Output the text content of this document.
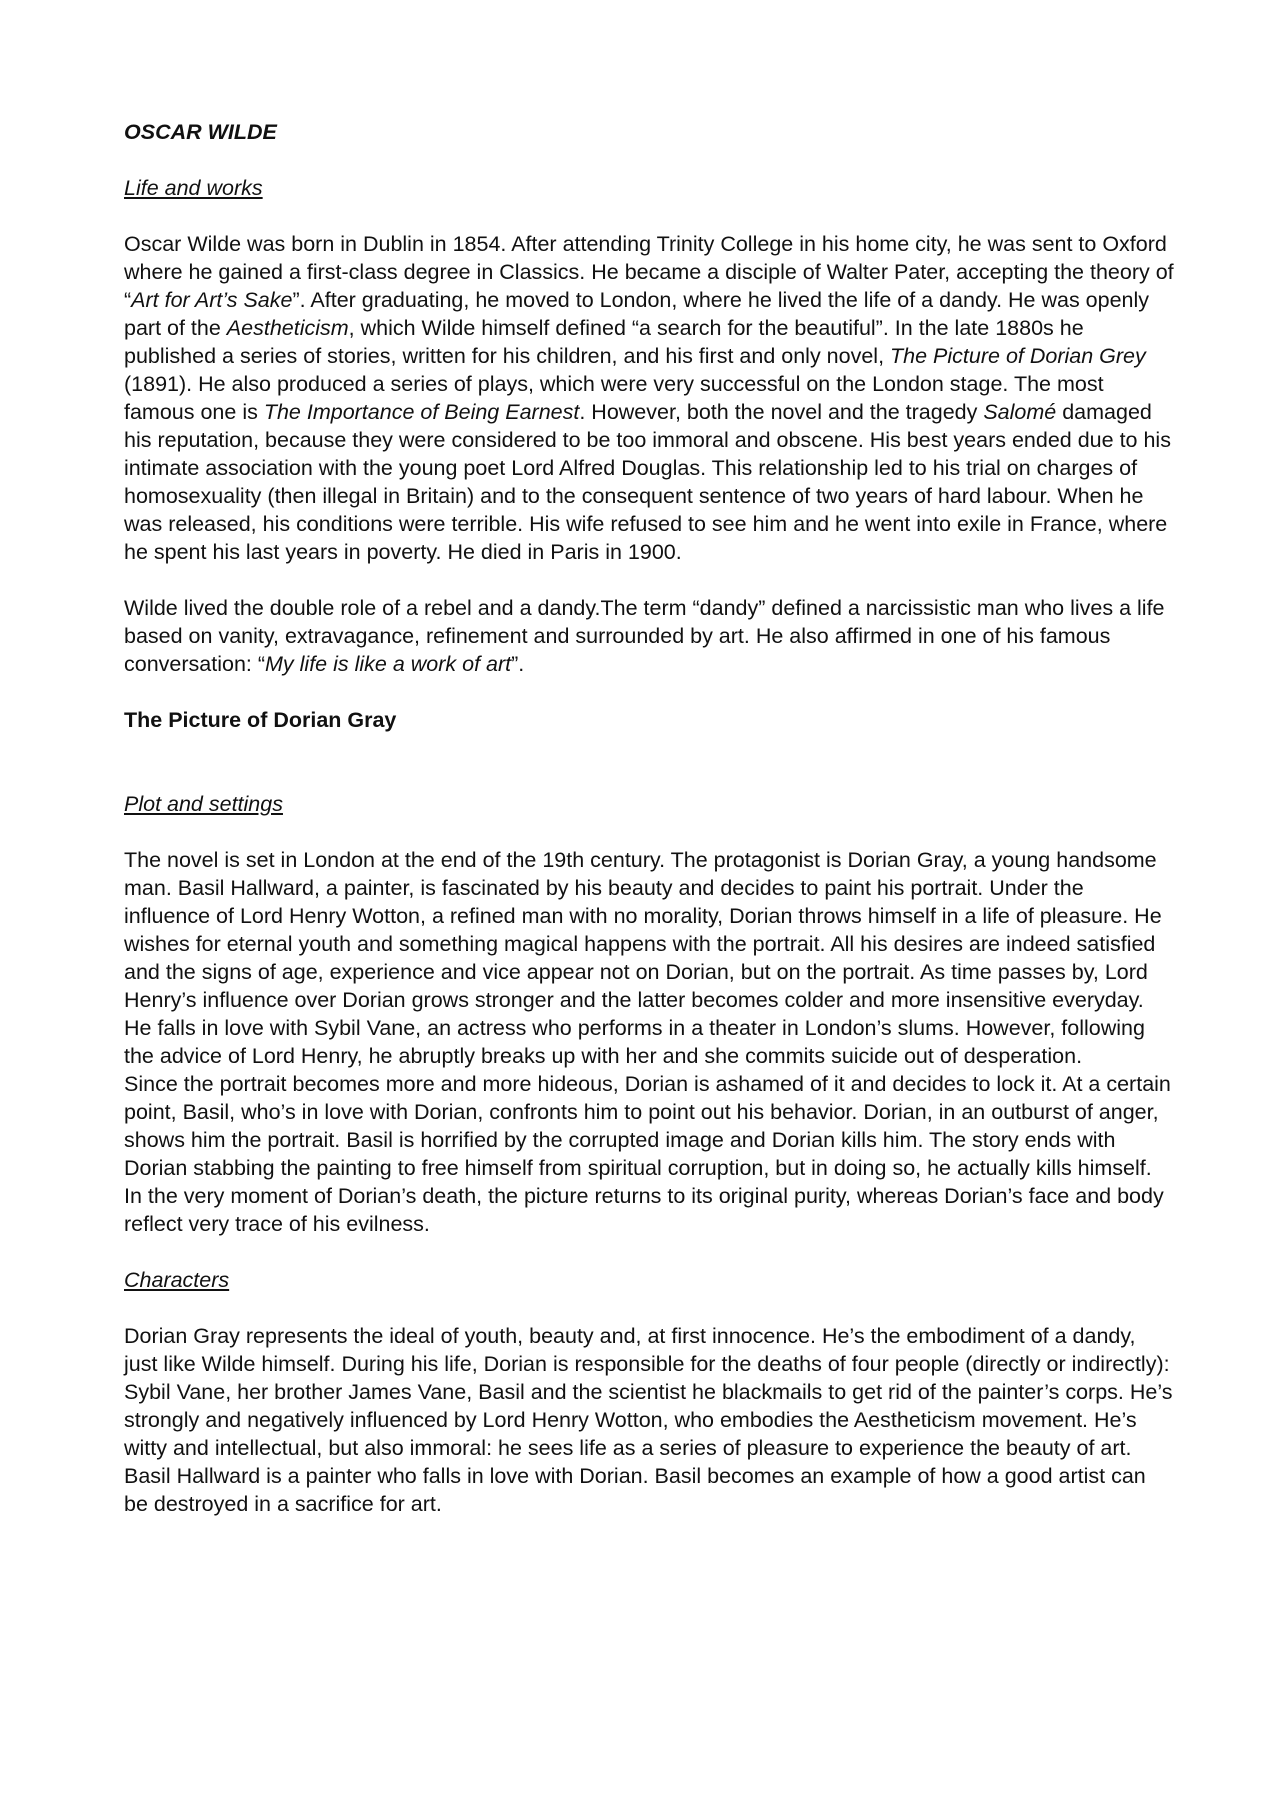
OSCAR WILDE
Life and works

Oscar Wilde was born in Dublin in 1854. After attending Trinity College in his home city, he was sent to Oxford where he gained a first-class degree in Classics. He became a disciple of Walter Pater, accepting the theory of “Art for Art’s Sake”. After graduating, he moved to London, where he lived the life of a dandy. He was openly part of the Aestheticism, which Wilde himself defined “a search for the beautiful”. In the late 1880s he published a series of stories, written for his children, and his first and only novel, The Picture of Dorian Grey (1891). He also produced a series of plays, which were very successful on the London stage. The most famous one is The Importance of Being Earnest. However, both the novel and the tragedy Salomé damaged his reputation, because they were considered to be too immoral and obscene. His best years ended due to his intimate association with the young poet Lord Alfred Douglas. This relationship led to his trial on charges of homosexuality (then illegal in Britain) and to the consequent sentence of two years of hard labour. When he was released, his conditions were terrible. His wife refused to see him and he went into exile in France, where he spent his last years in poverty. He died in Paris in 1900.

Wilde lived the double role of a rebel and a dandy.The term “dandy” defined a narcissistic man who lives a life based on vanity, extravagance, refinement and surrounded by art. He also affirmed in one of his famous conversation: “My life is like a work of art”.

The Picture of Dorian Gray
Plot and settings

The novel is set in London at the end of the 19th century. The protagonist is Dorian Gray, a young handsome man. Basil Hallward, a painter, is fascinated by his beauty and decides to paint his portrait. Under the influence of Lord Henry Wotton, a refined man with no morality, Dorian throws himself in a life of pleasure. He wishes for eternal youth and something magical happens with the portrait. All his desires are indeed satisfied and the signs of age, experience and vice appear not on Dorian, but on the portrait. As time passes by, Lord Henry’s influence over Dorian grows stronger and the latter becomes colder and more insensitive everyday. He falls in love with Sybil Vane, an actress who performs in a theater in London’s slums. However, following the advice of Lord Henry, he abruptly breaks up with her and she commits suicide out of desperation.

Since the portrait becomes more and more hideous, Dorian is ashamed of it and decides to lock it. At a certain point, Basil, who’s in love with Dorian, confronts him to point out his behavior. Dorian, in an outburst of anger, shows him the portrait. Basil is horrified by the corrupted image and Dorian kills him. The story ends with Dorian stabbing the painting to free himself from spiritual corruption, but in doing so, he actually kills himself. In the very moment of Dorian’s death, the picture returns to its original purity, whereas Dorian’s face and body reflect very trace of his evilness.

Characters

Dorian Gray represents the ideal of youth, beauty and, at first innocence. He’s the embodiment of a dandy, just like Wilde himself. During his life, Dorian is responsible for the deaths of four people (directly or indirectly): Sybil Vane, her brother James Vane, Basil and the scientist he blackmails to get rid of the painter’s corps. He’s strongly and negatively influenced by Lord Henry Wotton, who embodies the Aestheticism movement. He’s witty and intellectual, but also immoral: he sees life as a series of pleasure to experience the beauty of art. Basil Hallward is a painter who falls in love with Dorian. Basil becomes an example of how a good artist can be destroyed in a sacrifice for art.
